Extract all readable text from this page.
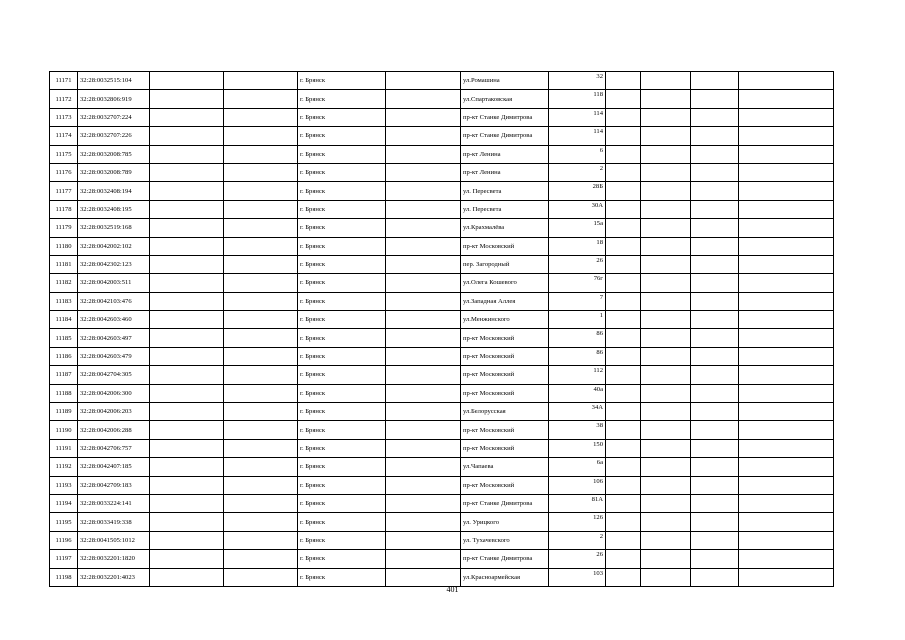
11171	32:28:0032515:104			г. Брянск		ул.Ромашина	32				
11172	32:28:0032806:919			г. Брянск		ул.Спартаковская	118				
11173	32:28:0032707:224			г. Брянск		пр-кт Станке Димитрова	114				
11174	32:28:0032707:226			г. Брянск		пр-кт Станке Димитрова	114				
11175	32:28:0032008:785			г. Брянск		пр-кт Ленина	6				
11176	32:28:0032008:789			г. Брянск		пр-кт Ленина	2				
11177	32:28:0032408:194			г. Брянск		ул. Пересвета	28Б				
11178	32:28:0032408:195			г. Брянск		ул. Пересвета	30А				
11179	32:28:0032519:168			г. Брянск		ул.Крахмалёва	15а				
11180	32:28:0042002:102			г. Брянск		пр-кт Московский	18				
11181	32:28:0042302:123			г. Брянск		пер. Загородный	26				
11182	32:28:0042003:511			г. Брянск		ул.Олега Кошевого	76г				
11183	32:28:0042103:476			г. Брянск		ул.Западная Аллея	7				
11184	32:28:0042603:460			г. Брянск		ул.Менжинского	1				
11185	32:28:0042603:497			г. Брянск		пр-кт Московский	86				
11186	32:28:0042603:479			г. Брянск		пр-кт Московский	86				
11187	32:28:0042704:305			г. Брянск		пр-кт Московский	112				
11188	32:28:0042006:300			г. Брянск		пр-кт Московский	40а				
11189	32:28:0042006:203			г. Брянск		ул.Белорусская	34А				
11190	32:28:0042006:288			г. Брянск		пр-кт Московский	38				
11191	32:28:0042706:757			г. Брянск		пр-кт Московский	150				
11192	32:28:0042407:185			г. Брянск		ул.Чапаева	6а				
11193	32:28:0042709:183			г. Брянск		пр-кт Московский	106				
11194	32:28:0033224:141			г. Брянск		пр-кт Станке Димитрова	81А				
11195	32:28:0033419:338			г. Брянск		ул. Урицкого	126				
11196	32:28:0041505:1012			г. Брянск		ул. Тухачевского	2				
11197	32:28:0032201:1820			г. Брянск		пр-кт Станке Димитрова	26				
11198	32:28:0032201:4023			г. Брянск		ул.Красноармейская	103				
401
